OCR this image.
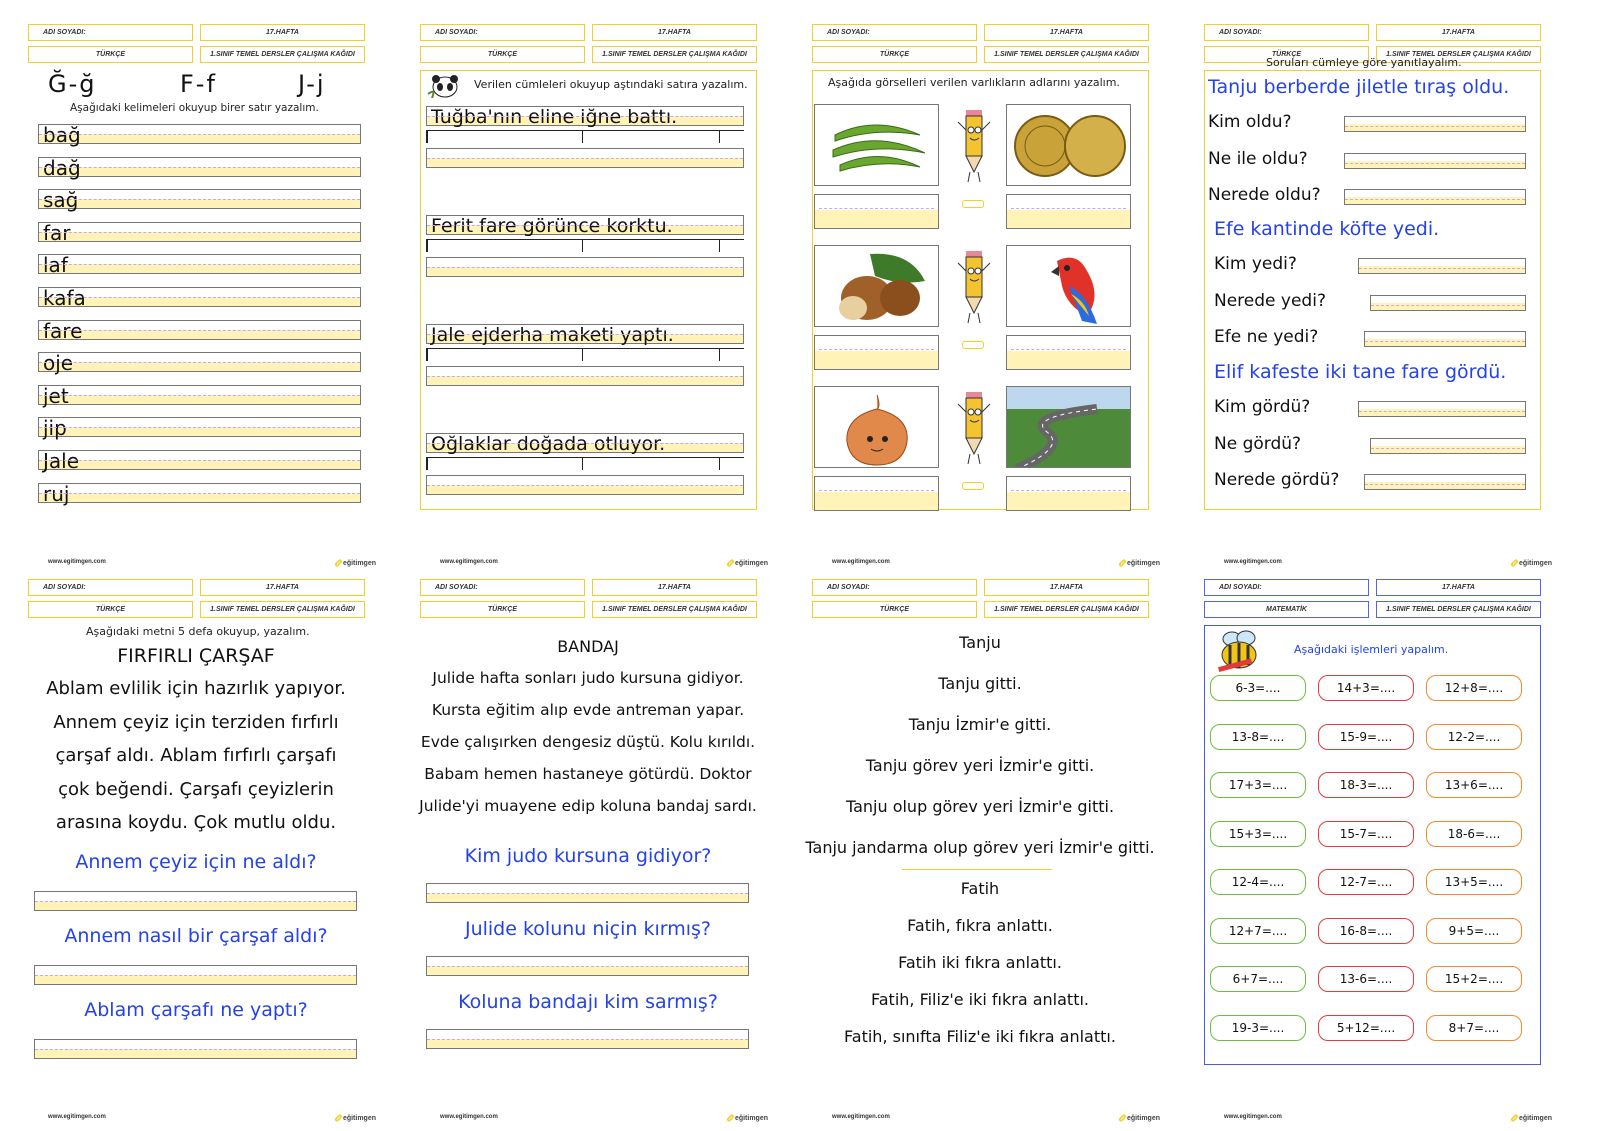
ADI SOYADI:	17.HAFTA
TÜRKÇE	1.SINIF TEMEL DERSLER ÇALIŞMA KAĞIDI
www.egitimgen.com	eğitimgen
Ğ-ğ	F-f	J-j
Aşağıdaki kelimeleri okuyup birer satır yazalım.
bağ
dağ
sağ
far
laf
kafa
fare
oje
jet
jip
Jale
ruj
ADI SOYADI:	17.HAFTA
TÜRKÇE	1.SINIF TEMEL DERSLER ÇALIŞMA KAĞIDI
www.egitimgen.com	eğitimgen
Verilen cümleleri okuyup aştındaki satıra yazalım.
Tuğba'nın eline iğne battı.
Ferit fare görünce korktu.
Jale ejderha maketi yaptı.
Oğlaklar doğada otluyor.
ADI SOYADI:	17.HAFTA
TÜRKÇE	1.SINIF TEMEL DERSLER ÇALIŞMA KAĞIDI
www.egitimgen.com	eğitimgen
Aşağıda görselleri verilen varlıkların adlarını yazalım.
ADI SOYADI:	17.HAFTA
TÜRKÇE	1.SINIF TEMEL DERSLER ÇALIŞMA KAĞIDI
www.egitimgen.com	eğitimgen
Soruları cümleye göre yanıtlayalım.
Tanju berberde jiletle tıraş oldu.
Kim oldu?
Ne ile oldu?
Nerede oldu?
Efe kantinde köfte yedi.
Kim yedi?
Nerede yedi?
Efe ne yedi?
Elif kafeste iki tane fare gördü.
Kim gördü?
Ne gördü?
Nerede gördü?
ADI SOYADI:	17.HAFTA
TÜRKÇE	1.SINIF TEMEL DERSLER ÇALIŞMA KAĞIDI
www.egitimgen.com	eğitimgen
Aşağıdaki metni 5 defa okuyup, yazalım.
FIRFIRLI ÇARŞAF
Ablam evlilik için hazırlık yapıyor.
Annem çeyiz için terziden fırfırlı
çarşaf aldı. Ablam fırfırlı çarşafı
çok beğendi. Çarşafı çeyizlerin
arasına koydu. Çok mutlu oldu.
Annem çeyiz için ne aldı?
Annem nasıl bir çarşaf aldı?
Ablam çarşafı ne yaptı?
ADI SOYADI:	17.HAFTA
TÜRKÇE	1.SINIF TEMEL DERSLER ÇALIŞMA KAĞIDI
www.egitimgen.com	eğitimgen
BANDAJ
Julide hafta sonları judo kursuna gidiyor.
Kursta eğitim alıp evde antreman yapar.
Evde çalışırken dengesiz düştü. Kolu kırıldı.
Babam hemen hastaneye götürdü. Doktor
Julide'yi muayene edip koluna bandaj sardı.
Kim judo kursuna gidiyor?
Julide kolunu niçin kırmış?
Koluna bandajı kim sarmış?
ADI SOYADI:	17.HAFTA
TÜRKÇE	1.SINIF TEMEL DERSLER ÇALIŞMA KAĞIDI
www.egitimgen.com	eğitimgen
Tanju
Tanju gitti.
Tanju İzmir'e gitti.
Tanju görev yeri İzmir'e gitti.
Tanju olup görev yeri İzmir'e gitti.
Tanju jandarma olup görev yeri İzmir'e gitti.
Fatih
Fatih, fıkra anlattı.
Fatih iki fıkra anlattı.
Fatih, Filiz'e iki fıkra anlattı.
Fatih, sınıfta Filiz'e iki fıkra anlattı.
ADI SOYADI:	17.HAFTA
MATEMATİK	1.SINIF TEMEL DERSLER ÇALIŞMA KAĞIDI
www.egitimgen.com	eğitimgen
Aşağıdaki işlemleri yapalım.
6-3=....	14+3=....	12+8=....
13-8=....	15-9=....	12-2=....
17+3=....	18-3=....	13+6=....
15+3=....	15-7=....	18-6=....
12-4=....	12-7=....	13+5=....
12+7=....	16-8=....	9+5=....
6+7=....	13-6=....	15+2=....
19-3=....	5+12=....	8+7=....
